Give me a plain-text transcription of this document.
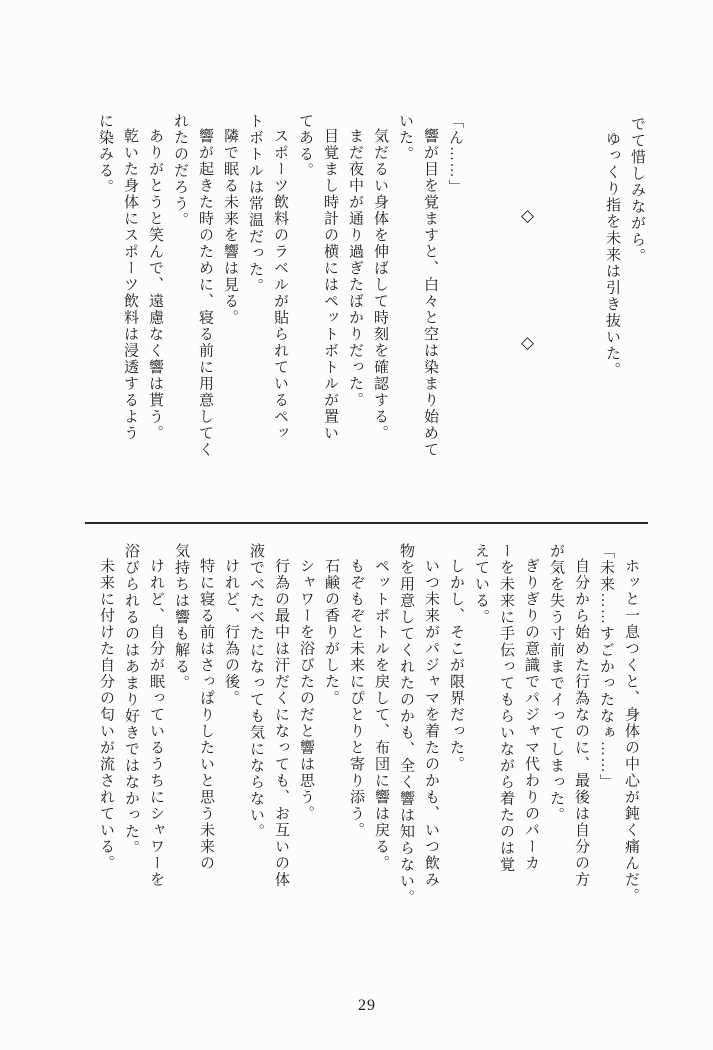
でて惜しみながら。
ゆっくり指を未来は引き抜いた。
◇
◇
「ん……」
響が目を覚ますと、白々と空は染まり始めて
いた。
気だるい身体を伸ばして時刻を確認する。
まだ夜中が通り過ぎたばかりだった。
目覚まし時計の横にはペットボトルが置い
てある。
スポーツ飲料のラベルが貼られているペッ
トボトルは常温だった。
隣で眠る未来を響は見る。
響が起きた時のために、寝る前に用意してく
れたのだろう。
ありがとうと笑んで、遠慮なく響は貰う。
乾いた身体にスポーツ飲料は浸透するよう
に染みる。
ホッと一息つくと、身体の中心が鈍く痛んだ。
「未来……すごかったなぁ……」
自分から始めた行為なのに、最後は自分の方
が気を失う寸前までイってしまった。
ぎりぎりの意識でパジャマ代わりのパーカ
ーを未来に手伝ってもらいながら着たのは覚
えている。
しかし、そこが限界だった。
いつ未来がパジャマを着たのかも、いつ飲み
物を用意してくれたのかも、全く響は知らない。
ペットボトルを戻して、布団に響は戻る。
もぞもぞと未来にぴとりと寄り添う。
石鹸の香りがした。
シャワーを浴びたのだと響は思う。
行為の最中は汗だくになっても、お互いの体
液でべたべたになっても気にならない。
けれど、行為の後。
特に寝る前はさっぱりしたいと思う未来の
気持ちは響も解る。
けれど、自分が眠っているうちにシャワーを
浴びられるのはあまり好きではなかった。
未来に付けた自分の匂いが流されている。
29
